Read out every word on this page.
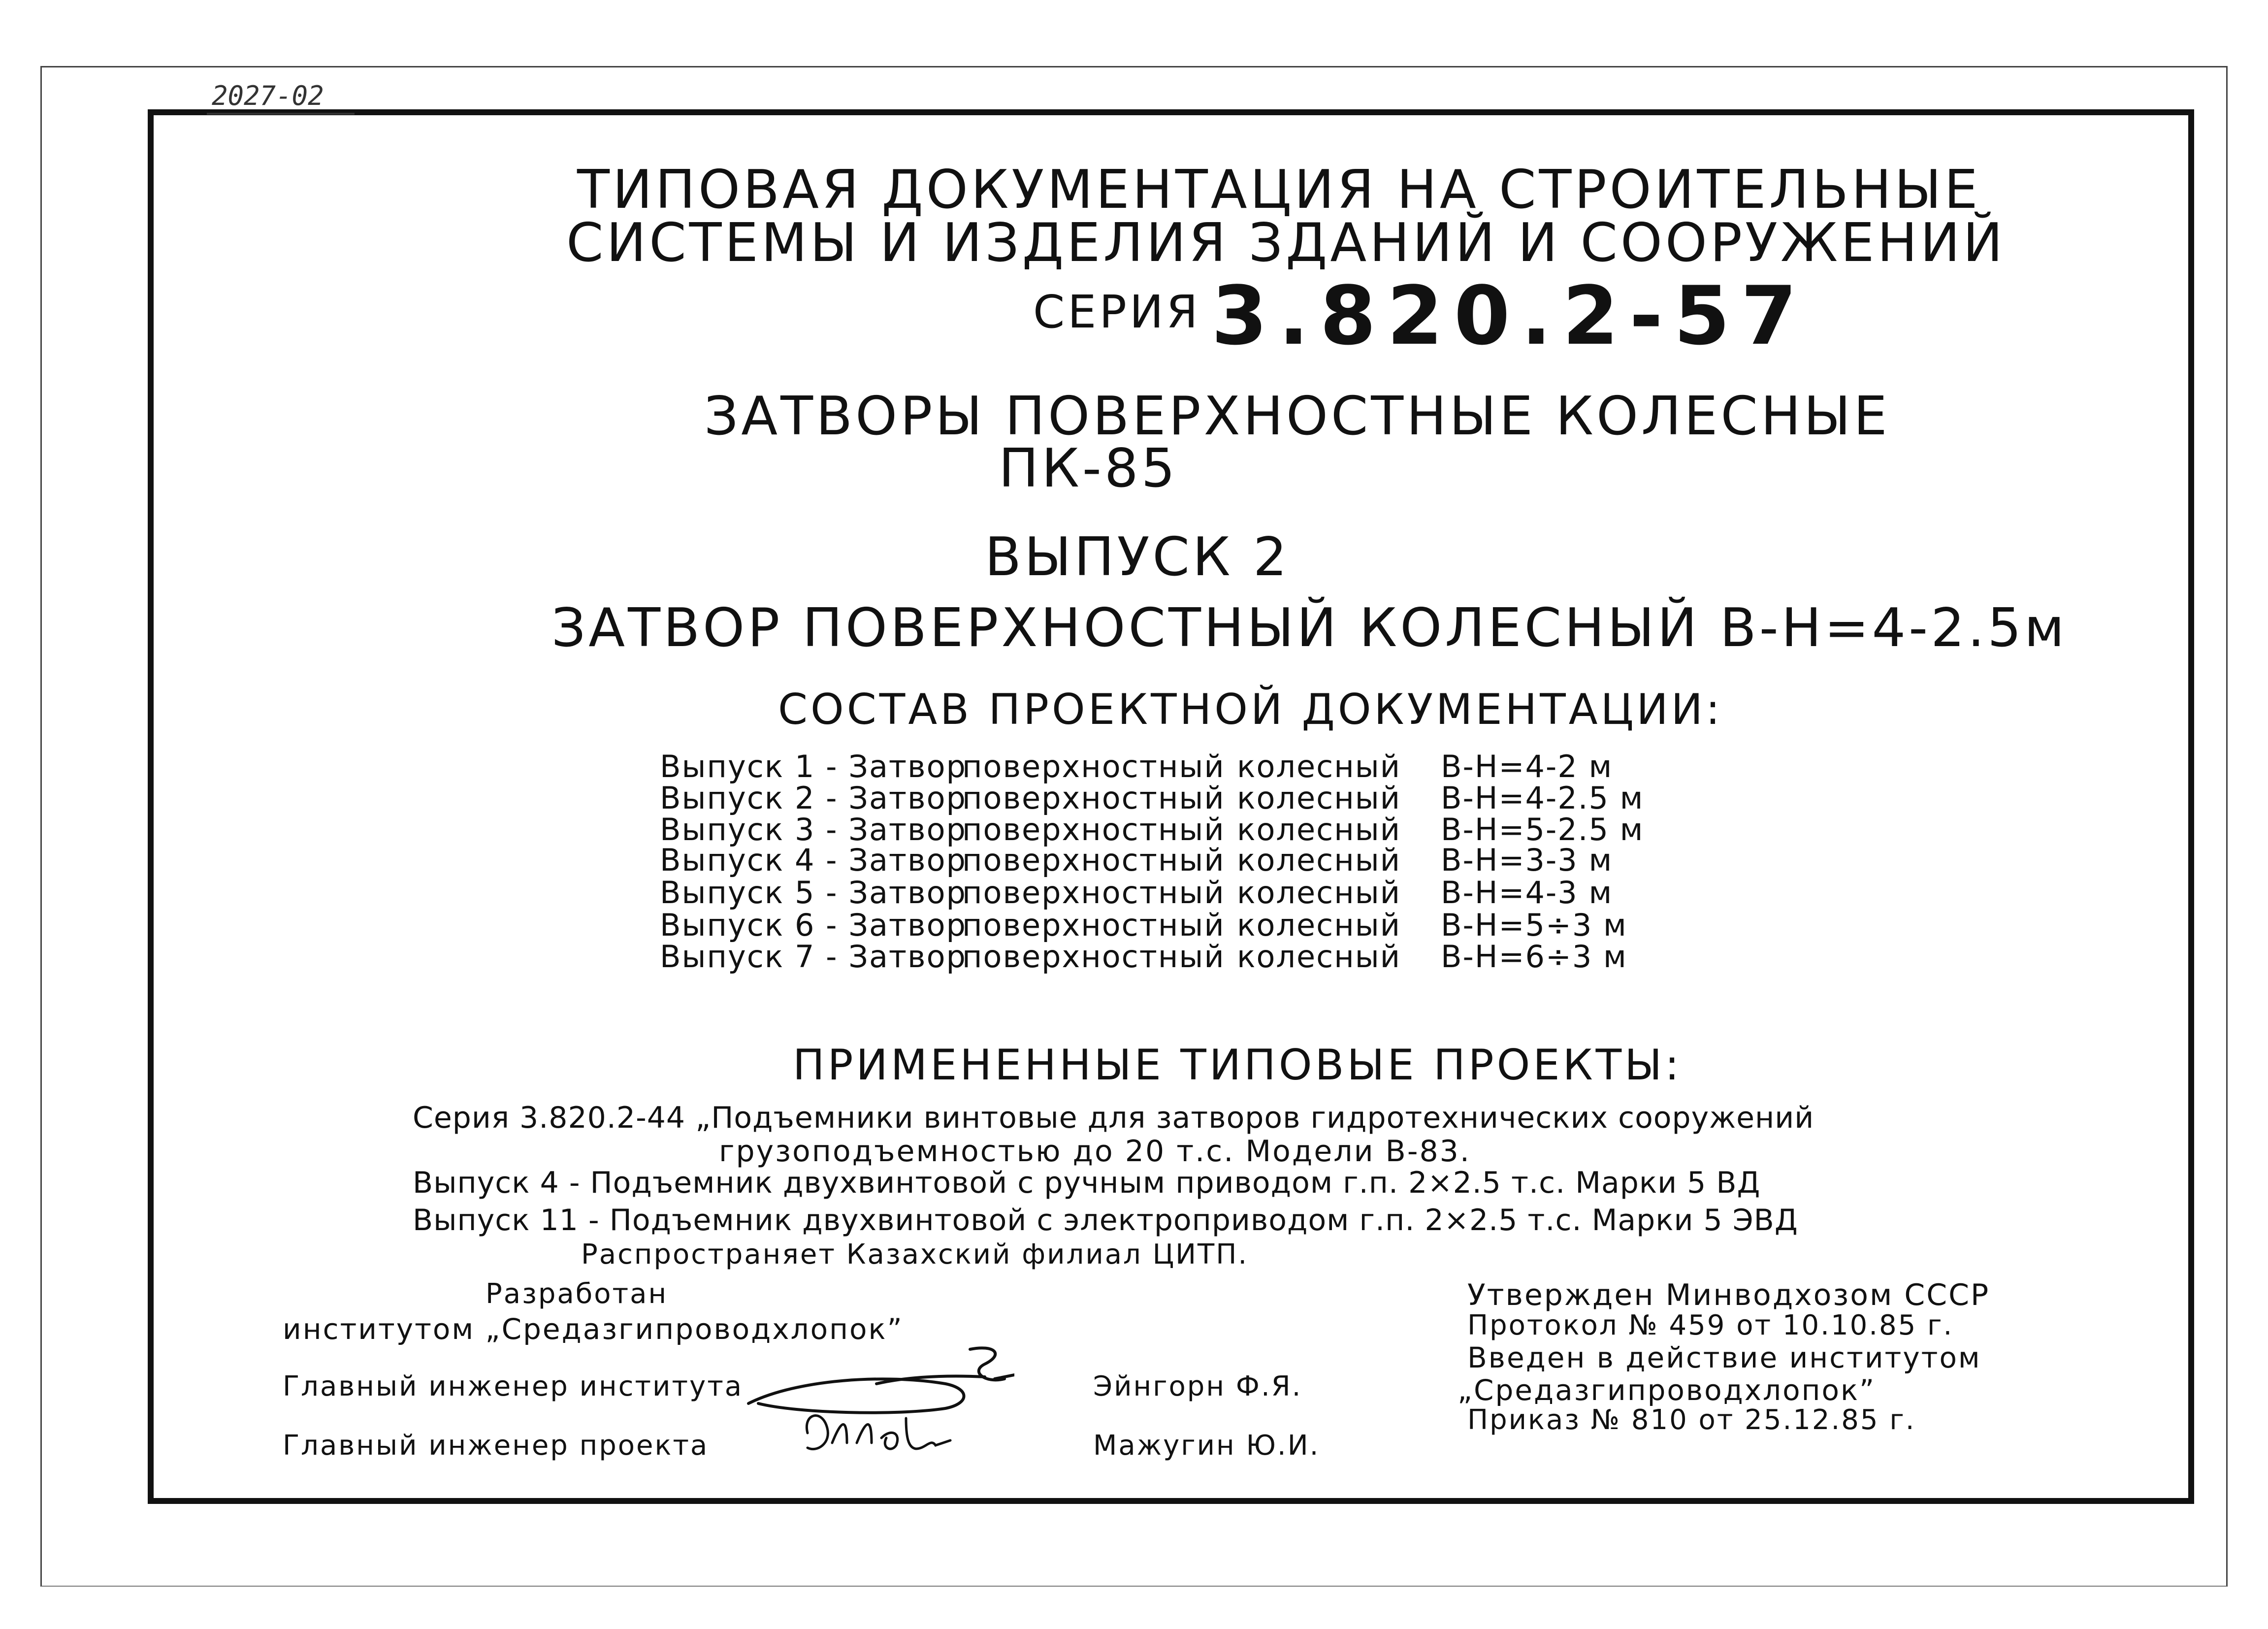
2027-02
ТИПОВАЯ ДОКУМЕНТАЦИЯ НА СТРОИТЕЛЬНЫЕ
СИСТЕМЫ И ИЗДЕЛИЯ ЗДАНИЙ И СООРУЖЕНИЙ
СЕРИЯ 3.820.2-57
ЗАТВОРЫ ПОВЕРХНОСТНЫЕ КОЛЕСНЫЕ
ПК-85
ВЫПУСК 2
ЗАТВОР ПОВЕРХНОСТНЫЙ КОЛЕСНЫЙ В-Н=4-2.5м
СОСТАВ ПРОЕКТНОЙ ДОКУМЕНТАЦИИ:
Выпуск 1 - Затвор
поверхностный колесный В-Н=4-2 м
Выпуск 2 - Затвор
поверхностный колесный В-Н=4-2.5 м
Выпуск 3 - Затвор
поверхностный колесный В-Н=5-2.5 м
Выпуск 4 - Затвор
поверхностный колесный В-Н=3-3 м
Выпуск 5 - Затвор
поверхностный колесный В-Н=4-3 м
Выпуск 6 - Затвор
поверхностный колесный В-Н=5÷3 м
Выпуск 7 - Затвор
поверхностный колесный В-Н=6÷3 м
ПРИМЕНЕННЫЕ ТИПОВЫЕ ПРОЕКТЫ:
Серия 3.820.2-44 „Подъемники винтовые для затворов гидротехнических сооружений
грузоподъемностью до 20 т.с. Модели В-83.
Выпуск 4 - Подъемник двухвинтовой с ручным приводом г.п. 2×2.5 т.с. Марки 5 ВД
Выпуск 11 - Подъемник двухвинтовой с электроприводом г.п. 2×2.5 т.с. Марки 5 ЭВД
Распространяет Казахский филиал ЦИТП.
Разработан
институтом „Средазгипроводхлопок”
Главный инженер института	Эйнгорн Ф.Я.
Главный инженер проекта	Мажугин Ю.И.
Утвержден Минводхозом СССР
Протокол № 459 от 10.10.85 г.
Введен в действие институтом
„Средазгипроводхлопок”
Приказ № 810 от 25.12.85 г.
